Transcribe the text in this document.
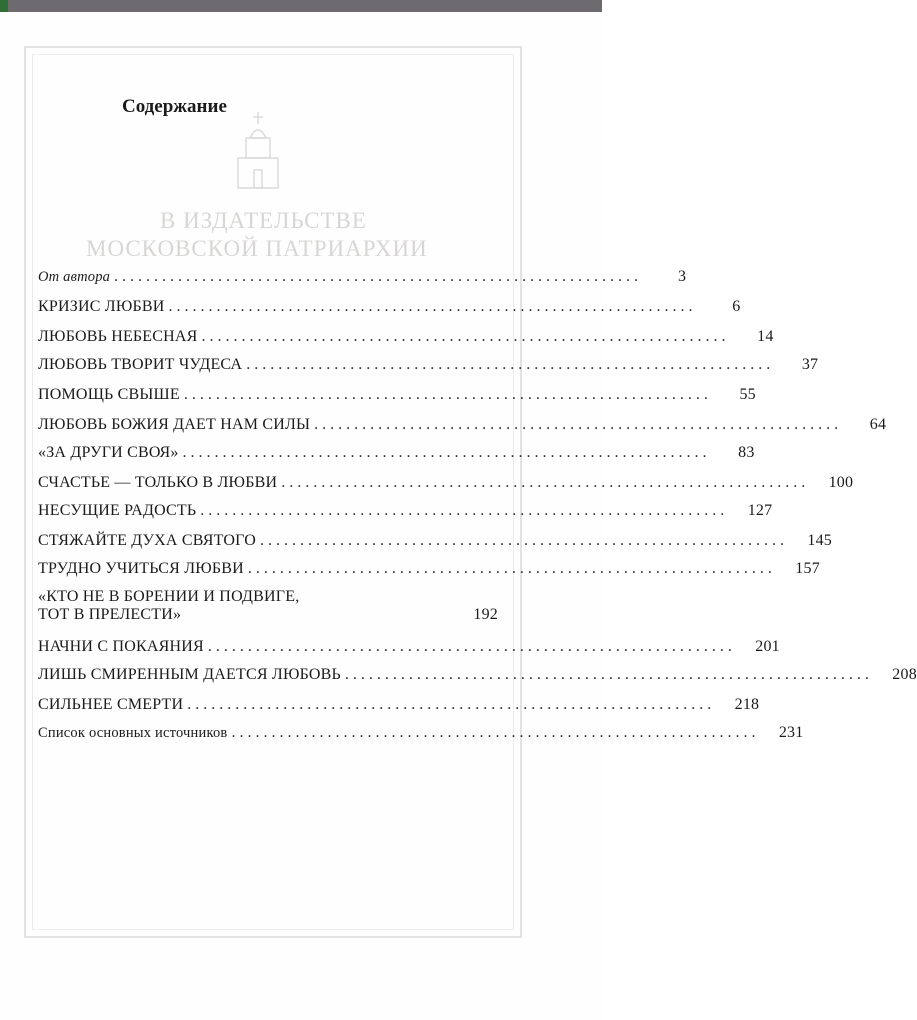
В ИЗДАТЕЛЬСТВЕ
МОСКОВСКОЙ ПАТРИАРХИИ
Содержание
От автора ..................................................................	3
КРИЗИС ЛЮБВИ ..................................................................	6
ЛЮБОВЬ НЕБЕСНАЯ ..................................................................	14
ЛЮБОВЬ ТВОРИТ ЧУДЕСА ..................................................................	37
ПОМОЩЬ СВЫШЕ ..................................................................	55
ЛЮБОВЬ БОЖИЯ ДАЕТ НАМ СИЛЫ ..................................................................	64
«ЗА ДРУГИ СВОЯ» ..................................................................	83
СЧАСТЬЕ — ТОЛЬКО В ЛЮБВИ ..................................................................	100
НЕСУЩИЕ РАДОСТЬ ..................................................................	127
СТЯЖАЙТЕ ДУХА СВЯТОГО ..................................................................	145
ТРУДНО УЧИТЬСЯ ЛЮБВИ ..................................................................	157
«КТО НЕ В БОРЕНИИ И ПОДВИГЕ,
ТОТ В ПРЕЛЕСТИ»	192
НАЧНИ С ПОКАЯНИЯ ..................................................................	201
ЛИШЬ СМИРЕННЫМ ДАЕТСЯ ЛЮБОВЬ ..................................................................	208
СИЛЬНЕЕ СМЕРТИ ..................................................................	218
Список основных источников ..................................................................	231
